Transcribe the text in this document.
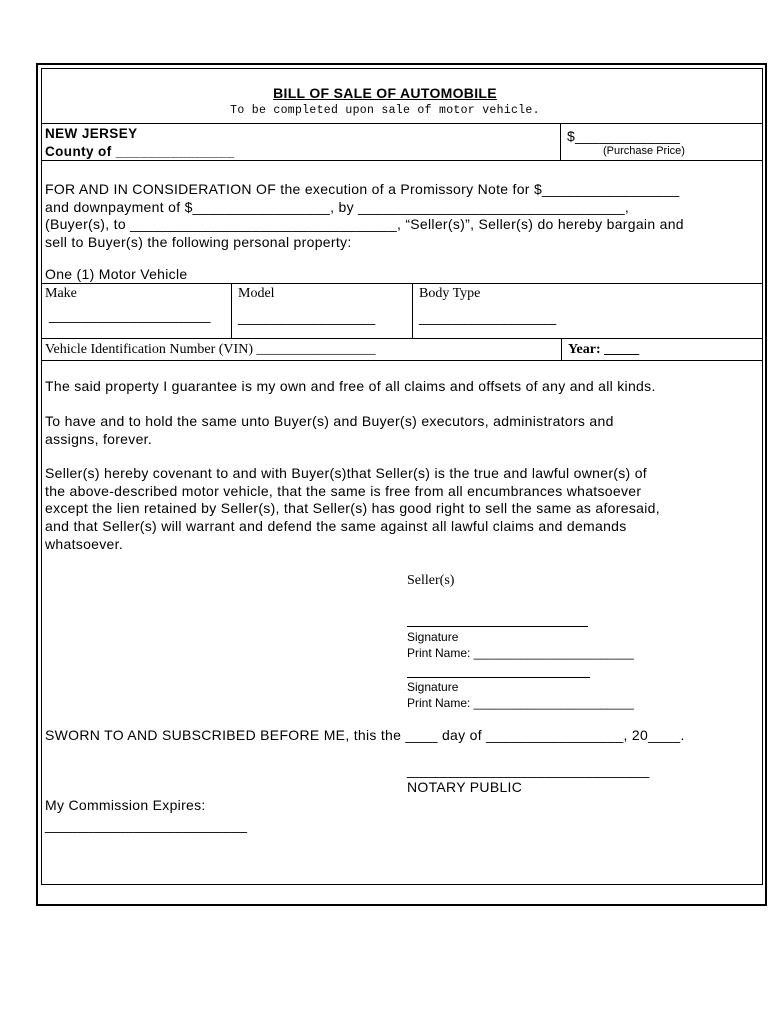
BILL OF SALE OF AUTOMOBILE
To be completed upon sale of motor vehicle.
NEW JERSEY
County of _______________
$_____________
(Purchase Price)
FOR AND IN CONSIDERATION OF the execution of a Promissory Note for $_________________
and downpayment of $_________________, by _________________________________,
(Buyer(s), to _________________________________, “Seller(s)”, Seller(s) do hereby bargain and
sell to Buyer(s) the following personal property:
One (1) Motor Vehicle
Make
____________________
Model
_________________
Body Type
_________________
Vehicle Identification Number (VIN) _________________	Year: _____
The said property I guarantee is my own and free of all claims and offsets of any and all kinds.
To have and to hold the same unto Buyer(s) and Buyer(s) executors, administrators and
assigns, forever.
Seller(s) hereby covenant to and with Buyer(s)that Seller(s) is the true and lawful owner(s) of
the above-described motor vehicle, that the same is free from all encumbrances whatsoever
except the lien retained by Seller(s), that Seller(s) has good right to sell the same as aforesaid,
and that Seller(s) will warrant and defend the same against all lawful claims and demands
whatsoever.
Seller(s)
Signature
Print Name: ________________________
Signature
Print Name: ________________________
SWORN TO AND SUBSCRIBED BEFORE ME, this the ____ day of _________________, 20____.
______________________________
NOTARY PUBLIC
My Commission Expires:
_________________________
